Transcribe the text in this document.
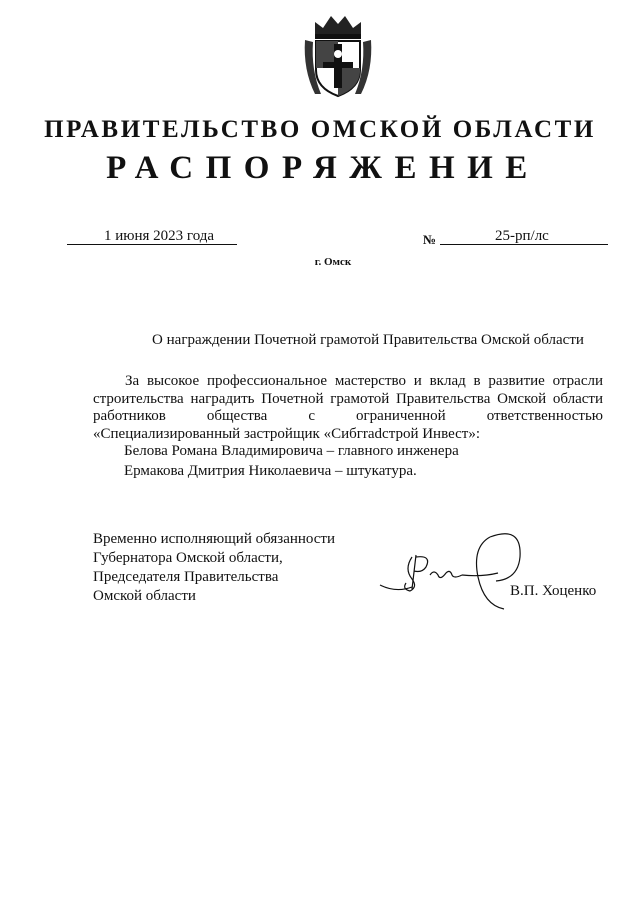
ПРАВИТЕЛЬСТВО ОМСКОЙ ОБЛАСТИ
РАСПОРЯЖЕНИЕ
1 июня 2023 года	№	25-рп/лс
г. Омск
О награждении Почетной грамотой Правительства Омской области
За высокое профессиональное мастерство и вклад в развитие отрасли строительства наградить Почетной грамотой Правительства Омской области работников общества с ограниченной ответственностью «Специализированный застройщик «Сибгradстрой Инвест»:
Белова Романа Владимировича – главного инженера
Ермакова Дмитрия Николаевича – штукатура.
Временно исполняющий обязанности
Губернатора Омской области,
Председателя Правительства
Омской области	В.П. Хоценко
